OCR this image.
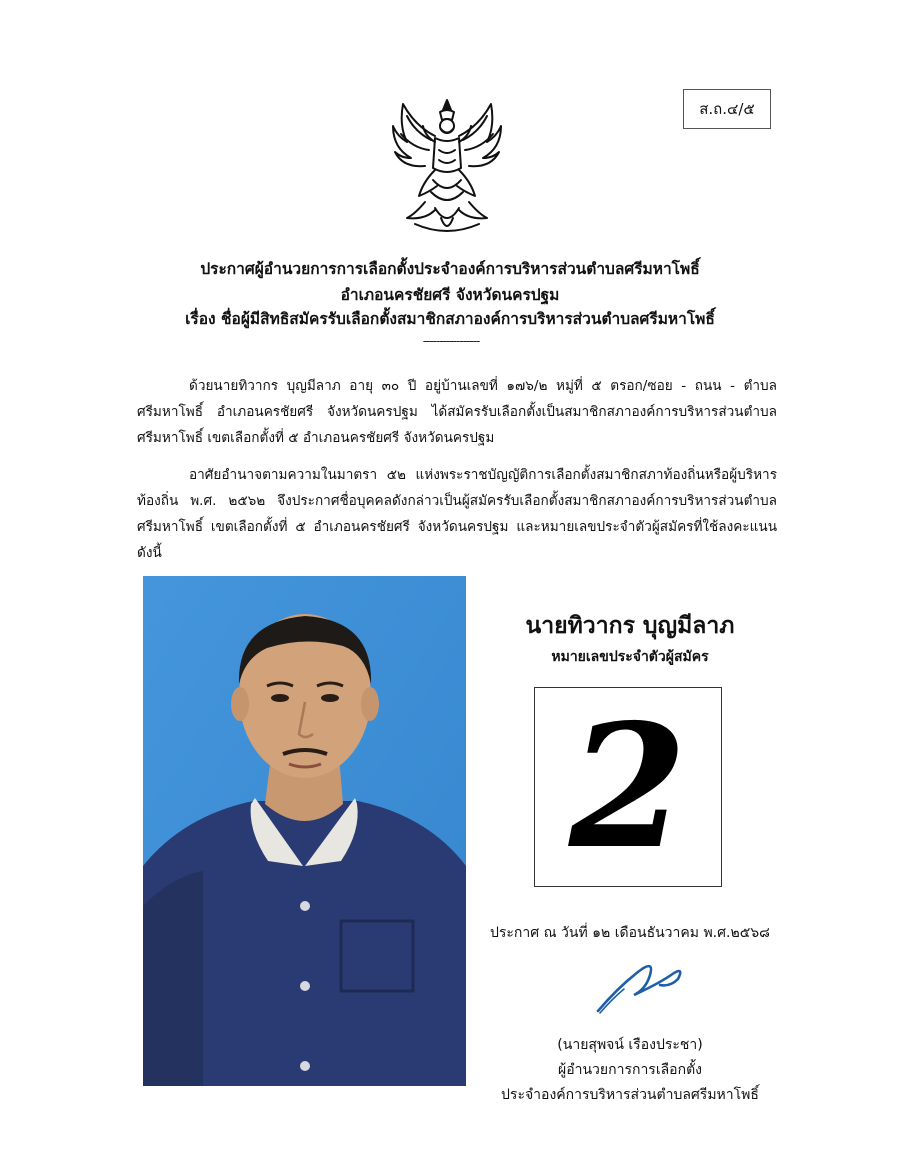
ส.ถ.๔/๕
ประกาศผู้อำนวยการการเลือกตั้งประจำองค์การบริหารส่วนตำบลศรีมหาโพธิ์
อำเภอนครชัยศรี จังหวัดนครปฐม
เรื่อง ชื่อผู้มีสิทธิสมัครรับเลือกตั้งสมาชิกสภาองค์การบริหารส่วนตำบลศรีมหาโพธิ์
-----------------

ด้วยนายทิวากร บุญมีลาภ อายุ ๓๐ ปี อยู่บ้านเลขที่ ๑๗๖/๒ หมู่ที่ ๕ ตรอก/ซอย - ถนน - ตำบลศรีมหาโพธิ์ อำเภอนครชัยศรี จังหวัดนครปฐม ได้สมัครรับเลือกตั้งเป็นสมาชิกสภาองค์การบริหารส่วนตำบลศรีมหาโพธิ์ เขตเลือกตั้งที่ ๕ อำเภอนครชัยศรี จังหวัดนครปฐม

อาศัยอำนาจตามความในมาตรา ๕๒ แห่งพระราชบัญญัติการเลือกตั้งสมาชิกสภาท้องถิ่นหรือผู้บริหารท้องถิ่น พ.ศ. ๒๕๖๒ จึงประกาศชื่อบุคคลดังกล่าวเป็นผู้สมัครรับเลือกตั้งสมาชิกสภาองค์การบริหารส่วนตำบลศรีมหาโพธิ์ เขตเลือกตั้งที่ ๕ อำเภอนครชัยศรี จังหวัดนครปฐม และหมายเลขประจำตัวผู้สมัครที่ใช้ลงคะแนน ดังนี้

นายทิวากร บุญมีลาภ
หมายเลขประจำตัวผู้สมัคร
2
ประกาศ ณ วันที่ ๑๒ เดือนธันวาคม พ.ศ.๒๕๖๘
(นายสุพจน์ เรืองประชา)
ผู้อำนวยการการเลือกตั้ง
ประจำองค์การบริหารส่วนตำบลศรีมหาโพธิ์
